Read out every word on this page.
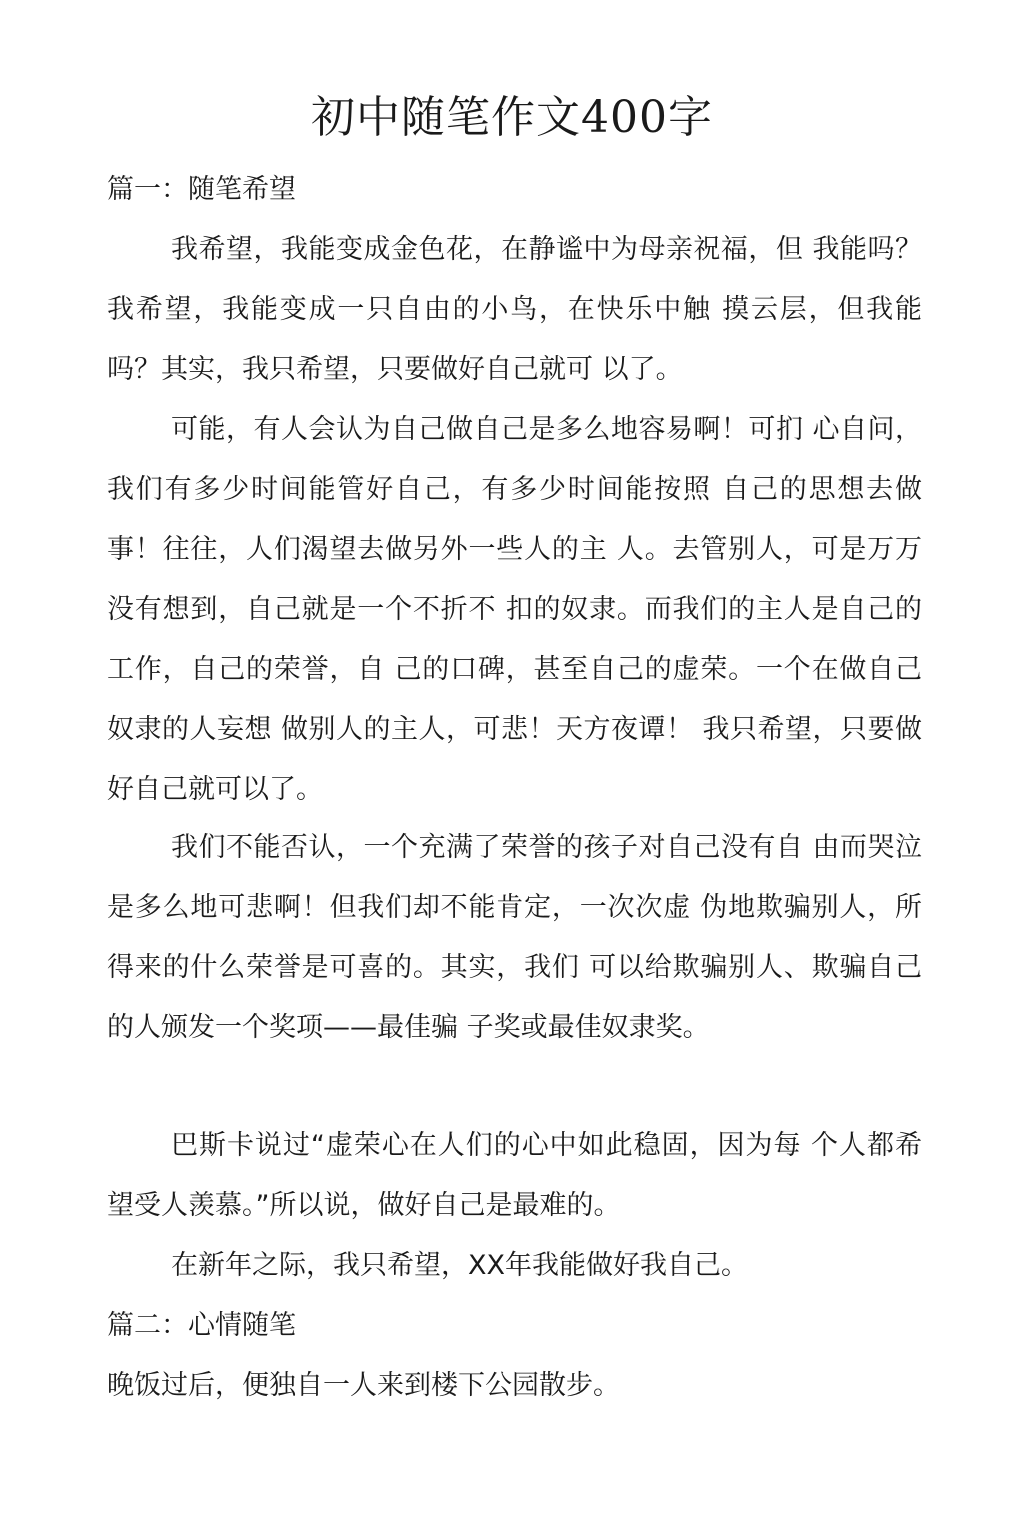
初中随笔作文400字
篇一：随笔希望
我希望，我能变成金色花，在静谧中为母亲祝福，但 我能吗？我希望，我能变成一只自由的小鸟，在快乐中触 摸云层，但我能吗？其实，我只希望，只要做好自己就可 以了。
可能，有人会认为自己做自己是多么地容易啊！可扪 心自问，我们有多少时间能管好自己，有多少时间能按照 自己的思想去做事！往往，人们渴望去做另外一些人的主 人。去管别人，可是万万没有想到，自己就是一个不折不 扣的奴隶。而我们的主人是自己的工作，自己的荣誉，自 己的口碑，甚至自己的虚荣。一个在做自己奴隶的人妄想 做别人的主人，可悲！天方夜谭！ 我只希望，只要做好自己就可以了。
我们不能否认，一个充满了荣誉的孩子对自己没有自 由而哭泣是多么地可悲啊！但我们却不能肯定，一次次虚 伪地欺骗别人，所得来的什么荣誉是可喜的。其实，我们 可以给欺骗别人、欺骗自己的人颁发一个奖项——最佳骗 子奖或最佳奴隶奖。
巴斯卡说过“虚荣心在人们的心中如此稳固，因为每 个人都希望受人羡慕。”所以说，做好自己是最难的。
在新年之际，我只希望，XX年我能做好我自己。
篇二：心情随笔
晚饭过后，便独自一人来到楼下公园散步。
